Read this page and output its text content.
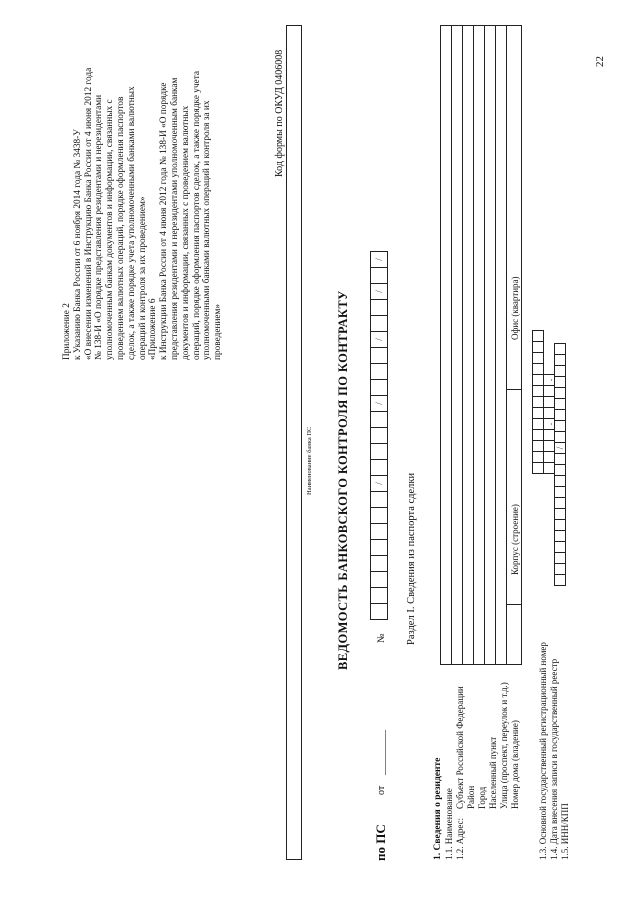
Приложение 2 к Указанию Банка России от 6 ноября 2014 года № 3438-У «О внесении изменений в Инструкцию Банка России от 4 июня 2012 года № 138-И «О порядке представления резидентами и нерезидентами уполномоченным банкам документов и информации, связанных с проведением валютных операций, порядке оформления паспортов сделок, а также порядке учета уполномоченными банками валютных операций и контроля за их проведением» «Приложение 6 к Инструкции Банка России от 4 июня 2012 года № 138-И «О порядке представления резидентами и нерезидентами уполномоченным банкам документов и информации, связанных с проведением валютных операций, порядке оформления паспортов сделок, а также порядке учета уполномоченными банками валютных операций и контроля за их проведением»
Код формы по ОКУД 0406008
Наименование банка ПС ВЕДОМОСТЬ БАНКОВСКОГО КОНТРОЛЯ ПО КОНТРАКТУ
по ПС
от
_________
№
/
/
/
/
/
Раздел I. Сведения из паспорта сделки
1. Сведения о резиденте 1.1. Наименование 1.2. Адрес:
Субъект Российской Федерации Район Город Населенный пункт Улица (проспект, переулок и т.д.) Номер дома (владение)
Корпус (строение)
Офис (квартира)
1.3. Основной государственный регистрационный номер 1.4. Дата внесения записи в государственный реестр 1.5. ИНН/КПП
.
.
/
22
